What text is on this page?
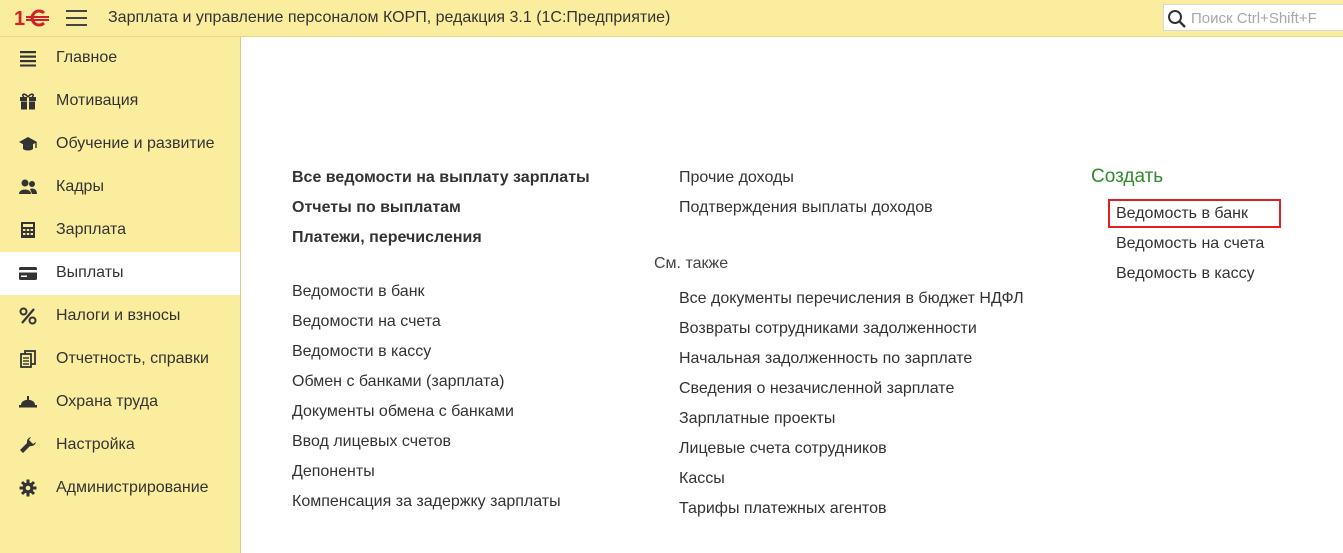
1	Зарплата и управление персоналом КОРП, редакция 3.1 (1С:Предприятие)
Поиск Ctrl+Shift+F
Главное
Мотивация
Обучение и развитие
Кадры
Зарплата
Выплаты
Налоги и взносы
Отчетность, справки
Охрана труда
Настройка
Администрирование
Все ведомости на выплату зарплаты
Отчеты по выплатам
Платежи, перечисления
Ведомости в банк
Ведомости на счета
Ведомости в кассу
Обмен с банками (зарплата)
Документы обмена с банками
Ввод лицевых счетов
Депоненты
Компенсация за задержку зарплаты
Прочие доходы
Подтверждения выплаты доходов
См. также
Все документы перечисления в бюджет НДФЛ
Возвраты сотрудниками задолженности
Начальная задолженность по зарплате
Сведения о незачисленной зарплате
Зарплатные проекты
Лицевые счета сотрудников
Кассы
Тарифы платежных агентов
Создать
Ведомость в банк
Ведомость на счета
Ведомость в кассу
